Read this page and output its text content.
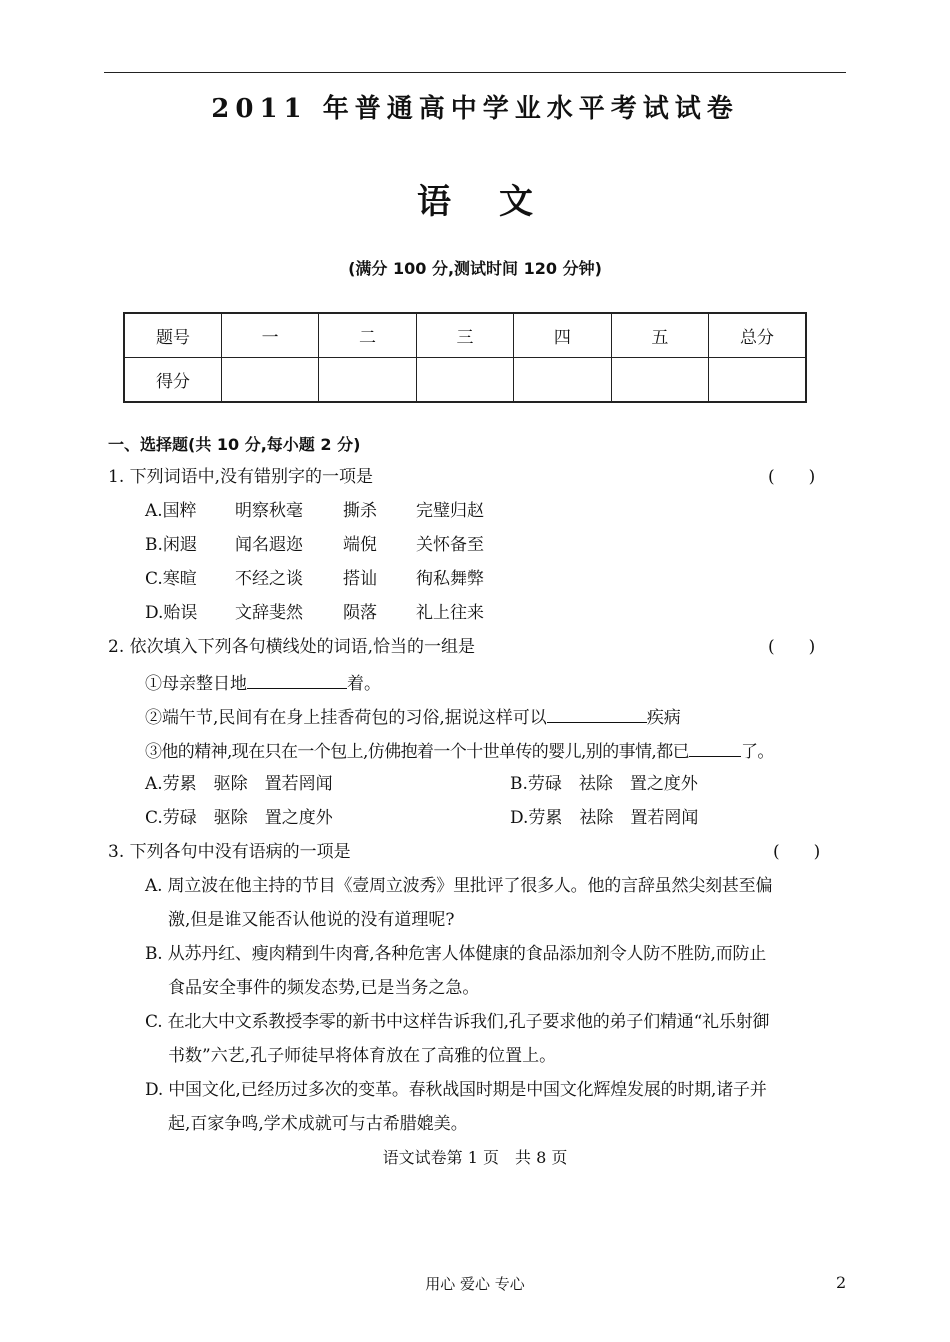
2011 年普通高中学业水平考试试卷
语文
(满分 100 分,测试时间 120 分钟)
题号	一	二	三	四	五	总分
得分						
一、选择题(共 10 分,每小题 2 分)
1. 下列词语中,没有错别字的一项是	(　　)
A.国粹 明察秋毫 撕杀 完璧归赵
B.闲遐 闻名遐迩 端倪 关怀备至
C.寒暄 不经之谈 搭讪 徇私舞弊
D.贻误 文辞斐然 陨落 礼上往来
2. 依次填入下列各句横线处的词语,恰当的一组是	(　　)
①母亲整日地	着。
②端午节,民间有在身上挂香荷包的习俗,据说这样可以	疾病
③他的精神,现在只在一个包上,仿佛抱着一个十世单传的婴儿,别的事情,都已	了。
A.劳累　驱除　置若罔闻	B.劳碌　祛除　置之度外
C.劳碌　驱除　置之度外	D.劳累　祛除　置若罔闻
3. 下列各句中没有语病的一项是	(　　)
A. 周立波在他主持的节目《壹周立波秀》里批评了很多人。他的言辞虽然尖刻甚至偏
激,但是谁又能否认他说的没有道理呢?
B. 从苏丹红、瘦肉精到牛肉膏,各种危害人体健康的食品添加剂令人防不胜防,而防止
食品安全事件的频发态势,已是当务之急。
C. 在北大中文系教授李零的新书中这样告诉我们,孔子要求他的弟子们精通“礼乐射御
书数”六艺,孔子师徒早将体育放在了高雅的位置上。
D. 中国文化,已经历过多次的变革。春秋战国时期是中国文化辉煌发展的时期,诸子并
起,百家争鸣,学术成就可与古希腊媲美。
语文试卷第 1 页　共 8 页
用心 爱心 专心	2
